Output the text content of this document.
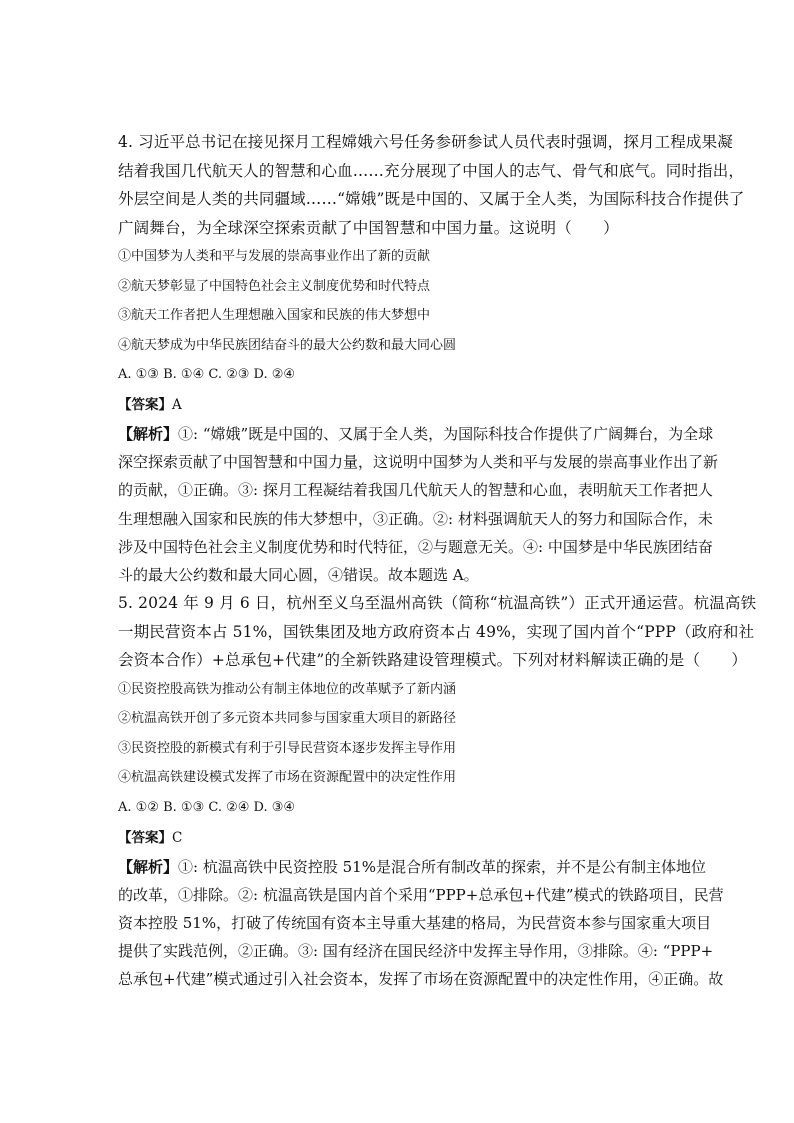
4. 习近平总书记在接见探月工程嫦娥六号任务参研参试人员代表时强调，探月工程成果凝
结着我国几代航天人的智慧和心血……充分展现了中国人的志气、骨气和底气。同时指出，
外层空间是人类的共同疆域……“嫦娥”既是中国的、又属于全人类，为国际科技合作提供了
广阔舞台，为全球深空探索贡献了中国智慧和中国力量。这说明（　　）
①中国梦为人类和平与发展的崇高事业作出了新的贡献
②航天梦彰显了中国特色社会主义制度优势和时代特点
③航天工作者把人生理想融入国家和民族的伟大梦想中
④航天梦成为中华民族团结奋斗的最大公约数和最大同心圆
A. ①③ B. ①④ C. ②③ D. ②④
【答案】A
【解析】①: “嫦娥”既是中国的、又属于全人类，为国际科技合作提供了广阔舞台，为全球
深空探索贡献了中国智慧和中国力量，这说明中国梦为人类和平与发展的崇高事业作出了新
的贡献，①正确。③: 探月工程凝结着我国几代航天人的智慧和心血，表明航天工作者把人
生理想融入国家和民族的伟大梦想中，③正确。②: 材料强调航天人的努力和国际合作，未
涉及中国特色社会主义制度优势和时代特征，②与题意无关。④: 中国梦是中华民族团结奋
斗的最大公约数和最大同心圆，④错误。故本题选 A。
5. 2024 年 9 月 6 日，杭州至义乌至温州高铁（简称“杭温高铁”）正式开通运营。杭温高铁
一期民营资本占 51%，国铁集团及地方政府资本占 49%，实现了国内首个“PPP（政府和社
会资本合作）+总承包+代建”的全新铁路建设管理模式。下列对材料解读正确的是（　　）
①民资控股高铁为推动公有制主体地位的改革赋予了新内涵
②杭温高铁开创了多元资本共同参与国家重大项目的新路径
③民资控股的新模式有利于引导民营资本逐步发挥主导作用
④杭温高铁建设模式发挥了市场在资源配置中的决定性作用
A. ①② B. ①③ C. ②④ D. ③④
【答案】C
【解析】①: 杭温高铁中民资控股 51%是混合所有制改革的探索，并不是公有制主体地位
的改革，①排除。②: 杭温高铁是国内首个采用“PPP+总承包+代建”模式的铁路项目，民营
资本控股 51%，打破了传统国有资本主导重大基建的格局，为民营资本参与国家重大项目
提供了实践范例，②正确。③: 国有经济在国民经济中发挥主导作用，③排除。④: “PPP+
总承包+代建”模式通过引入社会资本，发挥了市场在资源配置中的决定性作用，④正确。故
